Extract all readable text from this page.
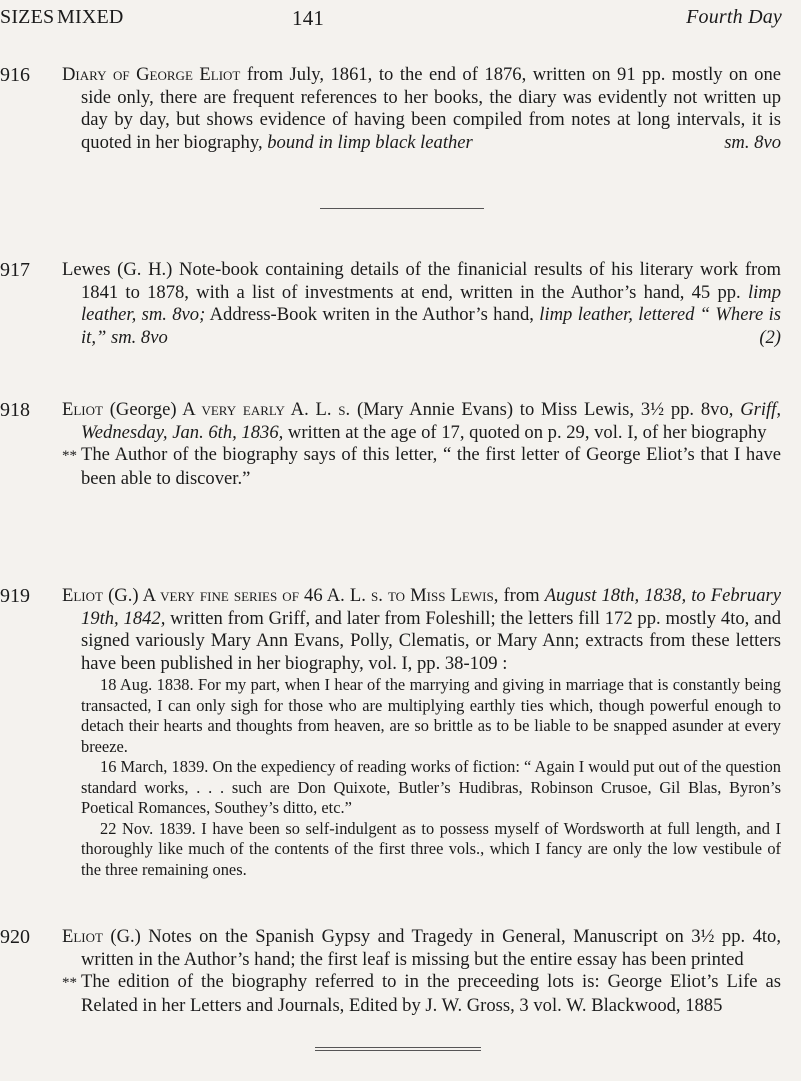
SIZES MIXED	141	Fourth Day
916 Diary of George Eliot from July, 1861, to the end of 1876, written on 91 pp. mostly on one side only, there are frequent references to her books, the diary was evidently not written up day by day, but shows evidence of having been compiled from notes at long intervals, it is quoted in her biography, bound in limp black leather	sm. 8vo

917 Lewes (G. H.) Note-book containing details of the finanicial results of his literary work from 1841 to 1878, with a list of investments at end, written in the Author’s hand, 45 pp. limp leather, sm. 8vo; Address-Book writen in the Author’s hand, limp leather, lettered “ Where is it,” sm. 8vo	(2)

918 Eliot (George) A very early A. L. s. (Mary Annie Evans) to Miss Lewis, 3½ pp. 8vo, Griff, Wednesday, Jan. 6th, 1836, written at the age of 17, quoted on p. 29, vol. I, of her biography

** The Author of the biography says of this letter, “ the first letter of George Eliot’s that I have been able to discover.”

919 Eliot (G.) A very fine series of 46 A. L. s. to Miss Lewis, from August 18th, 1838, to February 19th, 1842, written from Griff, and later from Foleshill; the letters fill 172 pp. mostly 4to, and signed variously Mary Ann Evans, Polly, Clematis, or Mary Ann; extracts from these letters have been published in her biography, vol. I, pp. 38-109 :

18 Aug. 1838. For my part, when I hear of the marrying and giving in marriage that is constantly being transacted, I can only sigh for those who are multiplying earthly ties which, though powerful enough to detach their hearts and thoughts from heaven, are so brittle as to be liable to be snapped asunder at every breeze.

16 March, 1839. On the expediency of reading works of fiction: “ Again I would put out of the question standard works, . . . such are Don Quixote, Butler’s Hudibras, Robinson Crusoe, Gil Blas, Byron’s Poetical Romances, Southey’s ditto, etc.”

22 Nov. 1839. I have been so self-indulgent as to possess myself of Wordsworth at full length, and I thoroughly like much of the contents of the first three vols., which I fancy are only the low vestibule of the three remaining ones.

920 Eliot (G.) Notes on the Spanish Gypsy and Tragedy in General, Manuscript on 3½ pp. 4to, written in the Author’s hand; the first leaf is missing but the entire essay has been printed

** The edition of the biography referred to in the preceeding lots is: George Eliot’s Life as Related in her Letters and Journals, Edited by J. W. Gross, 3 vol. W. Blackwood, 1885
